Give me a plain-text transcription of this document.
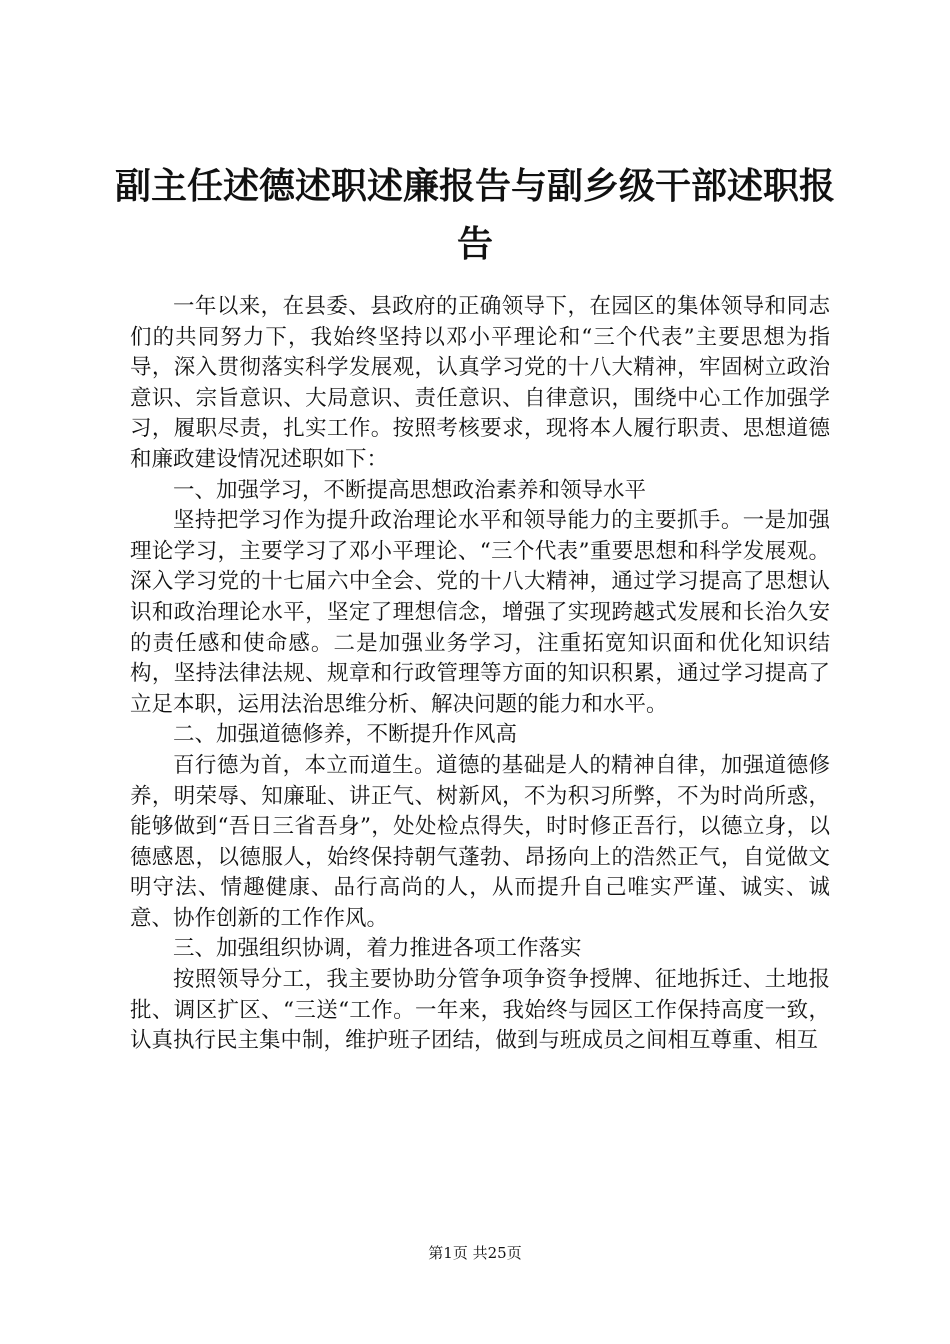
副主任述德述职述廉报告与副乡级干部述职报告

一年以来，在县委、县政府的正确领导下，在园区的集体领导和同志们的共同努力下，我始终坚持以邓小平理论和“三个代表”主要思想为指导，深入贯彻落实科学发展观，认真学习党的十八大精神，牢固树立政治意识、宗旨意识、大局意识、责任意识、自律意识，围绕中心工作加强学习，履职尽责，扎实工作。按照考核要求，现将本人履行职责、思想道德和廉政建设情况述职如下：

一、加强学习，不断提高思想政治素养和领导水平

坚持把学习作为提升政治理论水平和领导能力的主要抓手。一是加强理论学习，主要学习了邓小平理论、“三个代表”重要思想和科学发展观。深入学习党的十七届六中全会、党的十八大精神，通过学习提高了思想认识和政治理论水平，坚定了理想信念，增强了实现跨越式发展和长治久安的责任感和使命感。二是加强业务学习，注重拓宽知识面和优化知识结构，坚持法律法规、规章和行政管理等方面的知识积累，通过学习提高了立足本职，运用法治思维分析、解决问题的能力和水平。

二、加强道德修养，不断提升作风高

百行德为首，本立而道生。道德的基础是人的精神自律，加强道德修养，明荣辱、知廉耻、讲正气、树新风，不为积习所弊，不为时尚所惑，能够做到“吾日三省吾身”，处处检点得失，时时修正吾行，以德立身，以德感恩，以德服人，始终保持朝气蓬勃、昂扬向上的浩然正气，自觉做文明守法、情趣健康、品行高尚的人，从而提升自己唯实严谨、诚实、诚意、协作创新的工作作风。

三、加强组织协调，着力推进各项工作落实

按照领导分工，我主要协助分管争项争资争授牌、征地拆迁、土地报批、调区扩区、“三送“工作。一年来，我始终与园区工作保持高度一致，认真执行民主集中制，维护班子团结，做到与班成员之间相互尊重、相互

第1页 共25页
